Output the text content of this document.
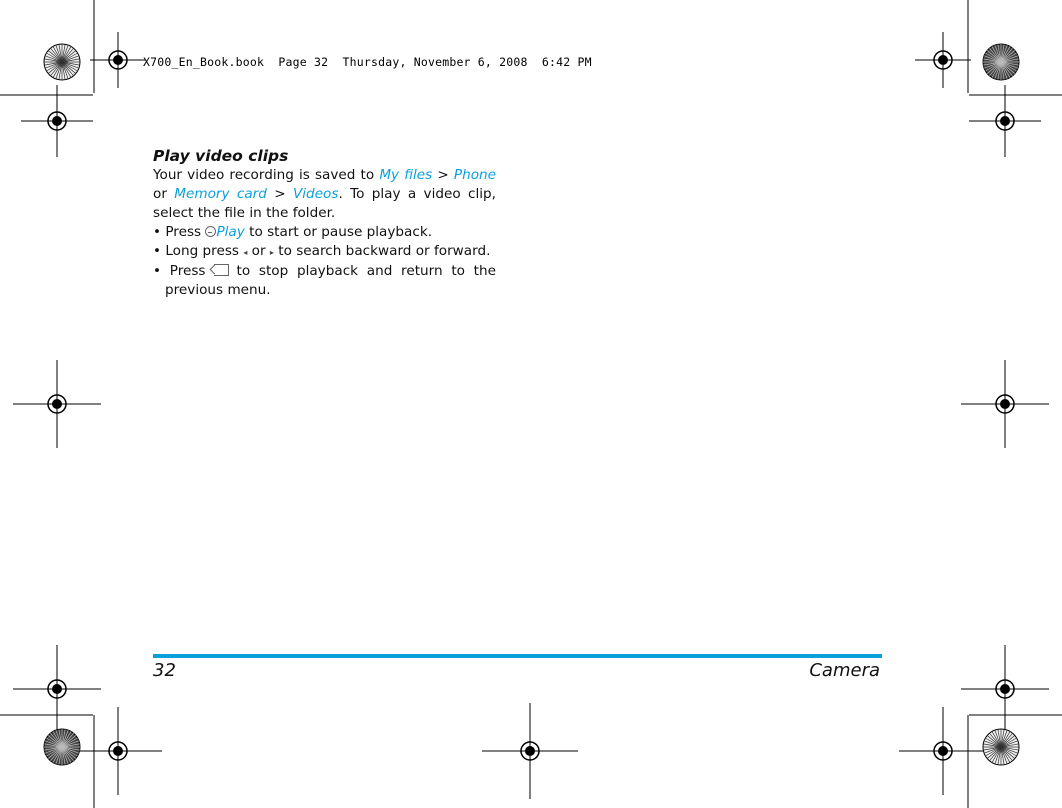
X700_En_Book.book  Page 32  Thursday, November 6, 2008  6:42 PM
Play video clips

Your video recording is saved to My files > Phone or Memory card > Videos. To play a video clip, select the file in the folder.

• Press Play to start or pause playback.

• Long press ◂ or ▸ to search backward or forward.

• Press to stop playback and return to the previous menu.

32	Camera
